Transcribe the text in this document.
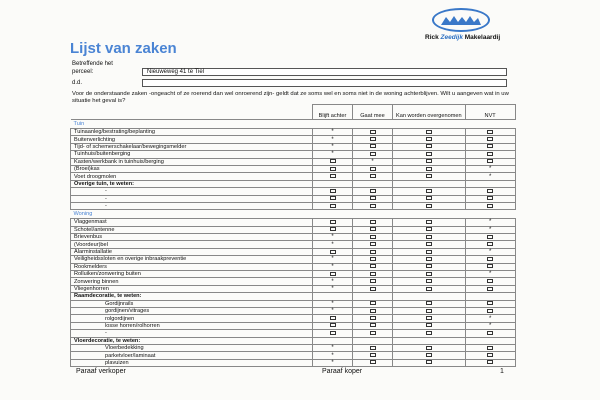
Rick Zeedijk Makelaardij
Lijst van zaken
Betreffende het
perceel:	Nieuweweg 41 te Tiel
d.d.
Voor de onderstaande zaken -ongeacht of ze roerend dan wel onroerend zijn- geldt dat ze soms wel en soms niet in de woning achterblijven. Wilt u aangeven wat in uw situatie het geval is?
	Blijft achter	Gaat mee	Kan worden overgenomen	NVT
Tuin				
Tuinaanleg/bestrating/beplanting	*			
Buitenverlichting	*			
Tijd- of schemerschakelaar/bewegingsmelder	*			
Tuinhuis/buitenberging	*			
Kasten/werkbank in tuinhuis/berging		*		
(Broei)kas				*
Voet droogmolen				*
Overige tuin, te weten:				
-				
-				
-				
Woning				
Vlaggenmast				*
Schotel/antenne				*
Brievenbus	*			
(Voordeur)bel	*			
Alarminstallatie				*
Veiligheidssloten en overige inbraakpreventie	*			
Rookmelders	*			
Rolluiken/zonwering buiten				*
Zonwering binnen	*			
Vliegenhorren	*			
Raamdecoratie, te weten:				
Gordijnrails	*			
gordijnen/vitrages	*			
rolgordijnen				*
losse horren/rolhorren				*
-				
Vloerdecoratie, te weten:				
Vloerbedekking	*			
parketvloer/laminaat	*			
plavuizen	*			
Paraaf verkoper	Paraaf koper	1
